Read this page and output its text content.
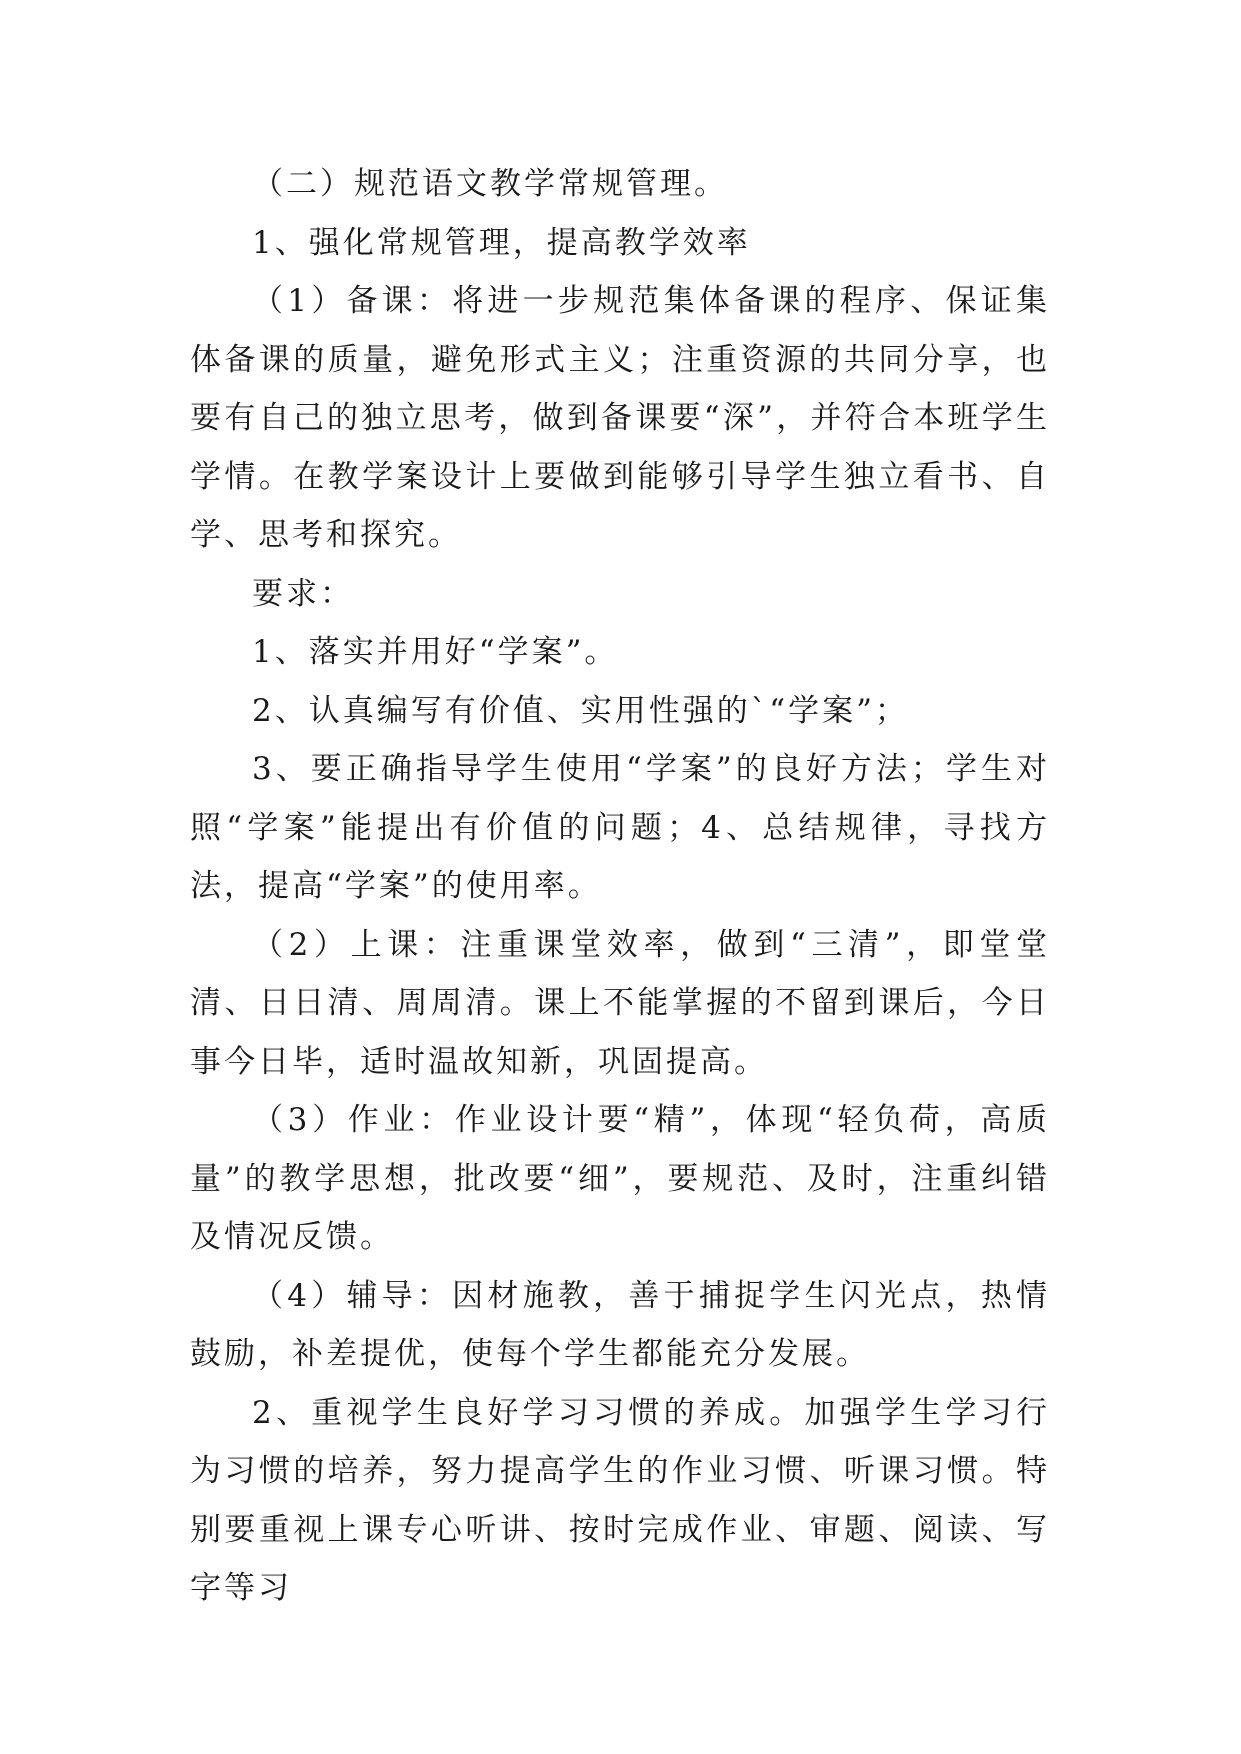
（二）规范语文教学常规管理。

1、强化常规管理，提高教学效率

（1）备课：将进一步规范集体备课的程序、保证集体备课的质量，避免形式主义；注重资源的共同分享，也要有自己的独立思考，做到备课要“深”，并符合本班学生学情。在教学案设计上要做到能够引导学生独立看书、自学、思考和探究。

要求：

1、落实并用好“学案”。

2、认真编写有价值、实用性强的`“学案”；

3、要正确指导学生使用“学案”的良好方法；学生对照“学案”能提出有价值的问题；4、总结规律，寻找方法，提高“学案”的使用率。

（2）上课：注重课堂效率，做到“三清”，即堂堂清、日日清、周周清。课上不能掌握的不留到课后，今日事今日毕，适时温故知新，巩固提高。

（3）作业：作业设计要“精”，体现“轻负荷，高质量”的教学思想，批改要“细”，要规范、及时，注重纠错及情况反馈。

（4）辅导：因材施教，善于捕捉学生闪光点，热情鼓励，补差提优，使每个学生都能充分发展。

2、重视学生良好学习习惯的养成。加强学生学习行为习惯的培养，努力提高学生的作业习惯、听课习惯。特别要重视上课专心听讲、按时完成作业、审题、阅读、写字等习
